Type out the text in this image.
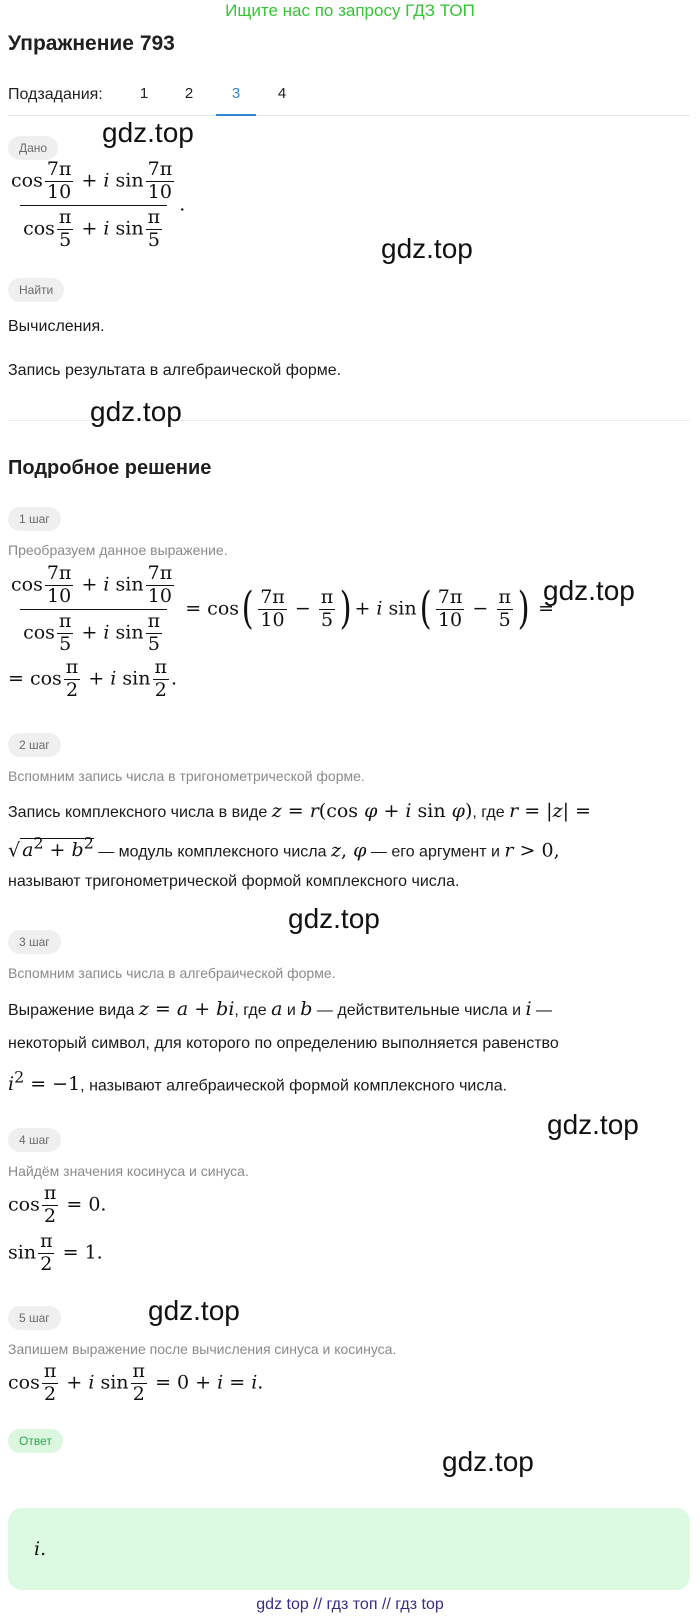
Ищите нас по запросу ГДЗ ТОП
Упражнение 793
Подзадания:	1	2	3	4
Дано
$\frac{\cos \frac{7\pi}{10} + i \sin \frac{7\pi}{10}}{\cos \frac{\pi}{5} + i \sin \frac{\pi}{5}}$ .
Найти
Вычисления.
Запись результата в алгебраической форме.
Подробное решение
1 шаг
Преобразуем данное выражение.
$\frac{\cos \frac{7\pi}{10} + i \sin \frac{7\pi}{10}}{\cos \frac{\pi}{5} + i \sin \frac{\pi}{5}} = \cos( \frac{7\pi}{10} - \frac{\pi}{5}$ ) + i $\sin( \frac{7\pi}{10} - \frac{\pi}{5}$ ) =
= $\cos \frac{\pi}{2} + i$ $\sin \frac{\pi}{2}$ .
2 шаг
Вспомним запись числа в тригонометрической форме.
Запись комплексного числа в виде z = r(cos φ + i sin φ), где r = |z| =
√ $a^2 + b^2$ — модуль комплексного числа z, φ — его аргумент и r > 0,
называют тригонометрической формой комплексного числа.
3 шаг
Вспомним запись числа в алгебраической форме.
Выражение вида z = a + bi, где a и b — действительные числа и i —
некоторый символ, для которого по определению выполняется равенство
$i^2 = -1$, называют алгебраической формой комплексного числа.
4 шаг
Найдём значения косинуса и синуса.
$\cos \frac{\pi}{2} = 0$.
$\sin \frac{\pi}{2} = 1$.
5 шаг
Запишем выражение после вычисления синуса и косинуса.
$\cos \frac{\pi}{2} + i$ $\sin \frac{\pi}{2} = 0 + i = i$.
Ответ
i.
gdz.top
gdz.top
gdz.top
gdz.top
gdz.top
gdz.top
gdz.top
gdz.top
gdz top // гдз топ // гдз top
